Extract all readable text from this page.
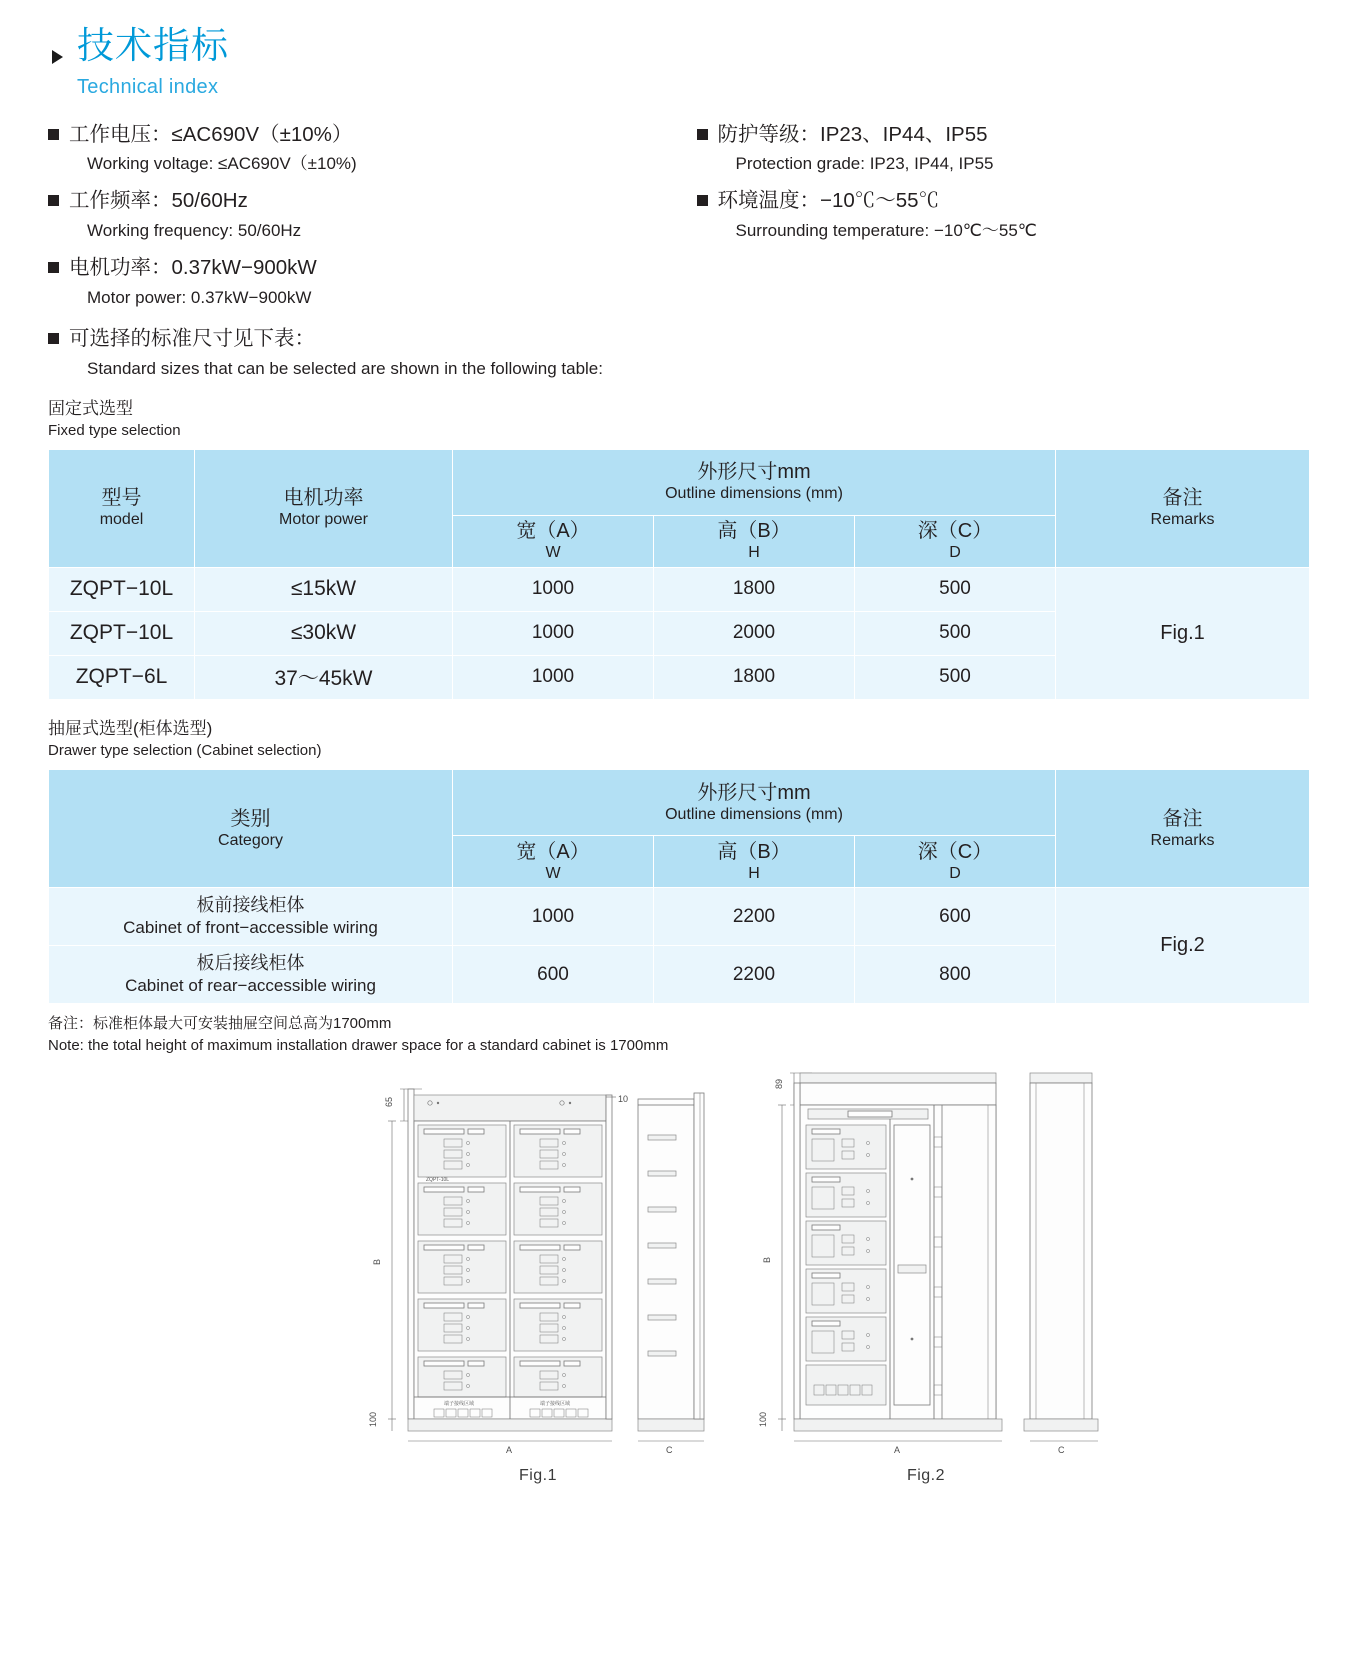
技术指标
Technical index
工作电压：≤AC690V（±10%）
Working voltage: ≤AC690V（±10%)
工作频率：50/60Hz
Working frequency: 50/60Hz
电机功率：0.37kW−900kW
Motor power: 0.37kW−900kW
防护等级：IP23、IP44、IP55
Protection grade: IP23, IP44, IP55
环境温度：−10℃～55℃
Surrounding temperature: −10℃～55℃
可选择的标准尺寸见下表：
Standard sizes that can be selected are shown in the following table:
固定式选型
Fixed type selection
型号
model	电机功率
Motor power	外形尺寸mm
Outline dimensions (mm)			备注
Remarks

		宽（A）
W	高（B）
H	深（C）
D	

ZQPT−10L	≤15kW	1000	1800	500	Fig.1
ZQPT−10L	≤30kW	1000	2000	500	
ZQPT−6L	37～45kW	1000	1800	500	
抽屉式选型(柜体选型)
Drawer type selection (Cabinet selection)
类别
Category	外形尺寸mm
Outline dimensions (mm)			备注
Remarks

	宽（A）
W	高（B）
H	深（C）
D	

板前接线柜体
Cabinet of front−accessible wiring	1000	2200	600	Fig.2

板后接线柜体
Cabinet of rear−accessible wiring	600	2200	800	
备注：标准柜体最大可安装抽屉空间总高为1700mm
Note: the total height of maximum installation drawer space for a standard cabinet is 1700mm
65
ZQPT-10L
端子接线区域	端子接线区域
B
100
A
10
C
Fig.1
89
B
100
A	C
Fig.2
